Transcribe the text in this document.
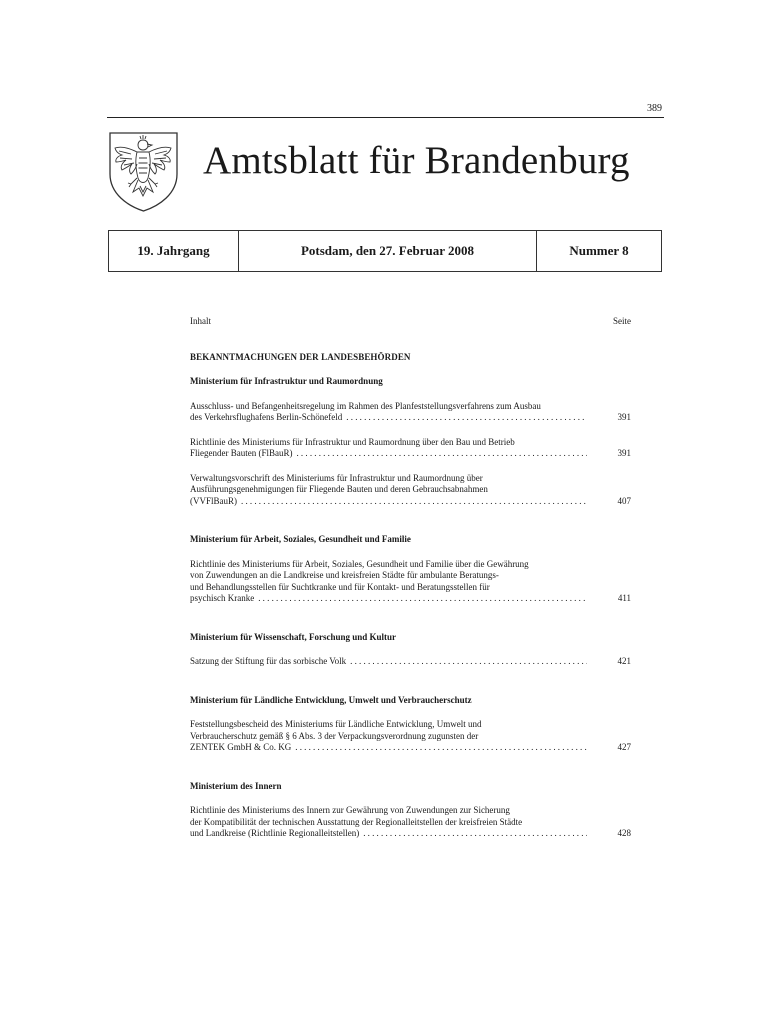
389
Amtsblatt für Brandenburg
19. Jahrgang	Potsdam, den 27. Februar 2008	Nummer 8
Inhalt	Seite
BEKANNTMACHUNGEN DER LANDESBEHÖRDEN
Ministerium für Infrastruktur und Raumordnung
Ausschluss- und Befangenheitsregelung im Rahmen des Planfeststellungsverfahrens zum Ausbau
des Verkehrsflughafens Berlin-Schönefeld .....	391
Richtlinie des Ministeriums für Infrastruktur und Raumordnung über den Bau und Betrieb
Fliegender Bauten (FlBauR) .....	391
Verwaltungsvorschrift des Ministeriums für Infrastruktur und Raumordnung über
Ausführungsgenehmigungen für Fliegende Bauten und deren Gebrauchsabnahmen
(VVFlBauR) .....	407
Ministerium für Arbeit, Soziales, Gesundheit und Familie
Richtlinie des Ministeriums für Arbeit, Soziales, Gesundheit und Familie über die Gewährung
von Zuwendungen an die Landkreise und kreisfreien Städte für ambulante Beratungs-
und Behandlungsstellen für Suchtkranke und für Kontakt- und Beratungsstellen für
psychisch Kranke .....	411
Ministerium für Wissenschaft, Forschung und Kultur
Satzung der Stiftung für das sorbische Volk .....	421
Ministerium für Ländliche Entwicklung, Umwelt und Verbraucherschutz
Feststellungsbescheid des Ministeriums für Ländliche Entwicklung, Umwelt und
Verbraucherschutz gemäß § 6 Abs. 3 der Verpackungsverordnung zugunsten der
ZENTEK GmbH & Co. KG .....	427
Ministerium des Innern
Richtlinie des Ministeriums des Innern zur Gewährung von Zuwendungen zur Sicherung
der Kompatibilität der technischen Ausstattung der Regionalleitstellen der kreisfreien Städte
und Landkreise (Richtlinie Regionalleitstellen) .....	428
